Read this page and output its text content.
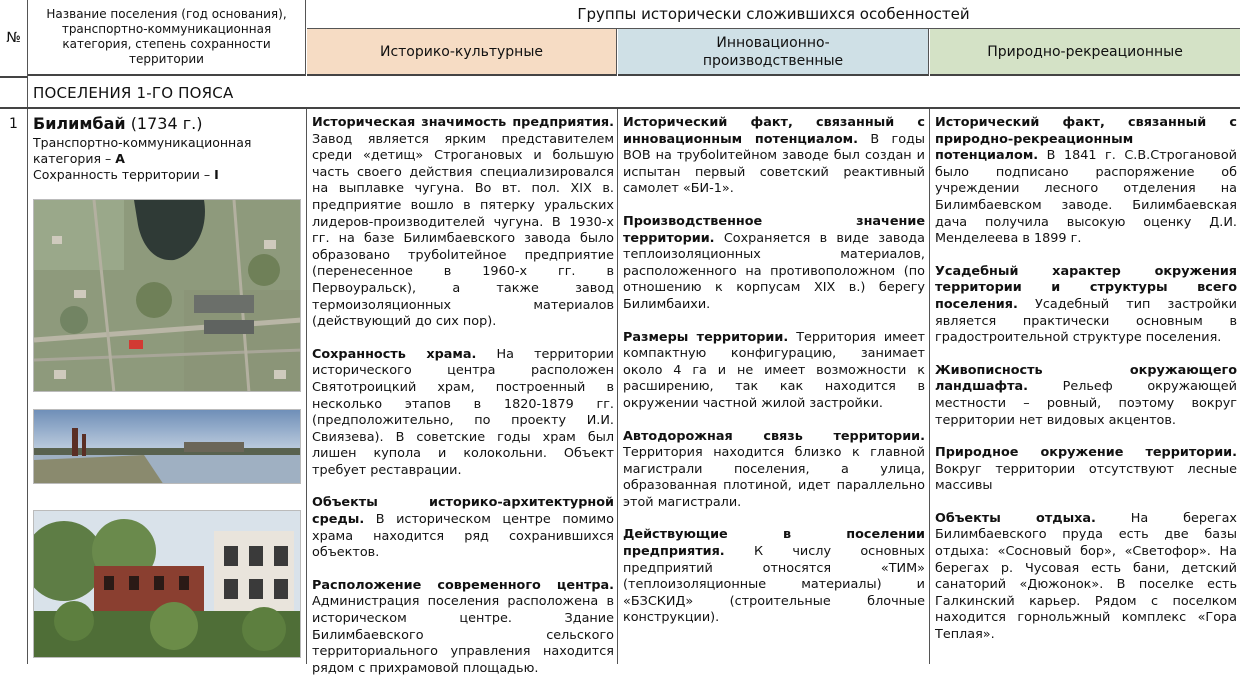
№
Название поселения (год основания), транспортно-коммуникационная категория, степень сохранности территории
Группы исторически сложившихся особенностей
Историко-культурные
Инновационно-производственные
Природно-рекреационные
ПОСЕЛЕНИЯ 1-ГО ПОЯСА
1 Билимбай (1734 г.)
Транспортно-коммуникационная категория – А
Сохранность территории – I

Историческая значимость предприятия. Завод является ярким представителем среди «детищ» Строгановых и большую часть своего действия специализировался на выплавке чугуна. Во вт. пол. XIX в. предприятие вошло в пятерку уральских лидеров-производителей чугуна. В 1930-х гг. на базе Билимбаевского завода было образовано трубolитейное предприятие (перенесенное в 1960-х гг. в Первоуральск), а также завод термоизоляционных материалов (действующий до сих пор).

Сохранность храма. На территории исторического центра расположен Святотроицкий храм, построенный в несколько этапов в 1820-1879 гг. (предположительно, по проекту И.И. Свиязева). В советские годы храм был лишен купола и колокольни. Объект требует реставрации.

Объекты историко-архитектурной среды. В историческом центре помимо храма находится ряд сохранившихся объектов.

Расположение современного центра. Администрация поселения расположена в историческом центре. Здание Билимбаевского сельского территориального управления находится рядом с прихрамовой площадью.

Исторический факт, связанный с инновационным потенциалом. В годы ВОВ на трубolитейном заводе был создан и испытан первый советский реактивный самолет «БИ-1».

Производственное значение территории. Сохраняется в виде завода теплоизоляционных материалов, расположенного на противоположном (по отношению к корпусам XIX в.) берегу Билимбаихи.

Размеры территории. Территория имеет компактную конфигурацию, занимает около 4 га и не имеет возможности к расширению, так как находится в окружении частной жилой застройки.

Автодорожная связь территории. Территория находится близко к главной магистрали поселения, а улица, образованная плотиной, идет параллельно этой магистрали.

Действующие в поселении предприятия. К числу основных предприятий относятся «ТИМ» (теплоизоляционные материалы) и «БЗСКИД» (строительные блочные конструкции).

Исторический факт, связанный с природно-рекреационным потенциалом. В 1841 г. С.В.Строгановой было подписано распоряжение об учреждении лесного отделения на Билимбаевском заводе. Билимбаевская дача получила высокую оценку Д.И. Менделеева в 1899 г.

Усадебный характер окружения территории и структуры всего поселения. Усадебный тип застройки является практически основным в градостроительной структуре поселения.

Живописность окружающего ландшафта.	Рельеф окружающей местности – ровный, поэтому вокруг территории нет видовых акцентов.

Природное окружение территории. Вокруг территории отсутствуют лесные массивы

Объекты отдыха.	На берегах Билимбаевского пруда есть две базы отдыха: «Сосновый бор», «Светофор». На берегах р. Чусовая есть бани, детский санаторий «Дюжонок». В поселке есть Галкинский карьер. Рядом с поселком находится горнольжный комплекс «Гора Теплая».
